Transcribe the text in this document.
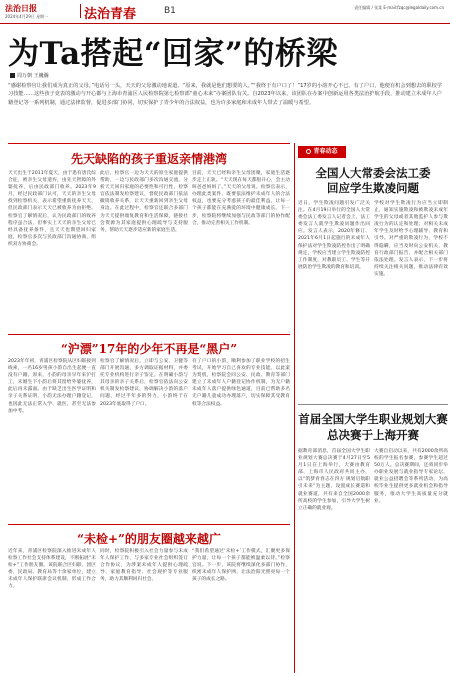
法治日报
2024年4月29日 星期一	法治青春	B1	责任编辑 / 张某 E-mail:fzqc@legaldaily.com.cn
为Ta搭起“回家”的桥梁
周万朝 王巍瀚
“感谢检察官让我们成为真正的父母。”电话另一头，天天的父母激动地说道。“原来，我就是他们想要的人。”“我终于有户口了！”17岁的小韵开心不已。有了户口，他便有机会到想去的职校学习技能……这些孩子竟表的激动与开心都与上海市青浦区人民检察院第七检察部“童心未来”办案团队有关。自2023年以来，该团队在办案中创新运用各类法治护航手段，推动建立未成年人户籍登记等一系列机制，通过法律监督，促进多部门协同，切实保护了青少年的合法权益，也为许多家庭和未成年人带去了温暖与希望。
先天缺陷的孩子重返亲情港湾
天天出生于2011年夏天，由于患有唐氏综合征，被亲生父母遗弃，由先天智障的外婆抚养，后由民政部门收养。2023年9月，经过民政部门认可，天天的亲生父母找到检察机关，表示希望重新抚养天天，但民政部门表示天天已被收养为由拒绝。检察官了解情况后，认为民政部门的收养程序虽合法，但事实上天天的亲生父母已经具备抚养条件，且天天也期望回归家庭，检察官多次与民政部门沟通协商，组织双方协商会。
此后，检察官一边为天天的原生家庭提供帮助，一边与民政部门多次沟通交流，分析天天回归家庭的必要性和可行性，检察官依法制发检察建议，督促民政部门依法撤销收养关系，让天天重新回到亲生父母身边。在此过程中，检察官还联合多部门为天天提供康复教育和生活保障，链接社会资源为其家庭提供心理疏导与支持服务，帮助天天逐步适应新的家庭生活。
目前，天天已经和亲生父母团聚，家庭生活逐步走上正轨。“天天现在每天都很开心，会主动叫爸爸妈妈了。”天天的父母说。检察官表示，办理此类案件，既要依法维护未成年人的合法权益，也要充分考虑孩子的最佳利益，让每一个孩子都能在充满爱的环境中健康成长。下一步，检察院将继续加强与民政等部门的协作配合，推动完善相关工作机制。
“沪漂”17年的少年不再是“黑户”
2023年年初，青浦区检察院从区妇联接到线索，一名16岁男孩小韵自出生起便一直没有户籍。原来，小韵的母亲早年来沪打工，未婚生下小韵后将其留给外婆抚养，此后再未露面。由于缺乏出生医学证明和亲子关系证明，小韵无法办理户籍登记，也因此无法正常入学、就医，甚至无法参加中考。
检察官了解情况后，立即与公安、卫健等部门开展沟通，多方调取证据材料，并委托专业机构进行亲子鉴定。在明确小韵与其母亲的亲子关系后，检察官依法向公安机关制发检察建议，协调解决小韵的落户问题，经过半年多的努力，小韵终于在2023年底取得了户口。
有了户口的小韵，顺利参加了职业学校的招生考试，开始学习自己喜欢的专业技能。以此案为契机，检察院会同公安、民政、教育等部门建立了未成年人户籍登记协作机制，为无户籍未成年人落户提供绿色通道，目前已帮助多名无户籍儿童成功办理落户，切实保障其受教育权等合法权益。
“未检+”的朋友圈越来越广
近年来，青浦区检察院深入推进未成年人检察工作社会支持体系建设，不断拓展“未检+”工作朋友圈。该院联合区妇联、团区委、民政局、教育局等十余家单位，建立未成年人保护联席会议机制，形成工作合力。
同时，检察院积极引入社会力量参与未成年人保护工作，与多家专业社会组织签订合作协议，为涉案未成年人提供心理疏导、家庭教育指导、社会观护等专业服务，助力其顺利回归社会。
“我们希望通过‘未检+’工作模式，汇聚更多保护力量，让每一个孩子都能被温柔以待。”检察官说。下一步，该院将继续深化多部门协作，织密未成年人保护网，让法治阳光照亮每一个孩子的成长之路。
青春动态
全国人大常委会法工委
回应学生欺凌问题
近日，学生欺凌问题引发广泛关注。在4月19日举行的全国人大常委会法工委发言人记者会上，法工委发言人就学生欺凌问题作出回应。发言人表示，2020年修订、2021年6月1日起施行的未成年人保护法对学生欺凌防控作出了明确规定，学校应当建立学生欺凌防控工作制度，对教职员工、学生等开展防治学生欺凌的教育和培训。
学校对学生欺凌行为应当立即制止，通知实施欺凌和被欺凌未成年学生的父母或者其他监护人参与欺凌行为的认定和处理；对相关未成年学生及时给予心理辅导、教育和引导。对严重的欺凌行为，学校不得隐瞒，应当及时向公安机关、教育行政部门报告，并配合相关部门依法处理。发言人表示，下一步将持续关注相关问题，推动法律有效实施。
首届全国大学生职业规划大赛
总决赛于上海开赛
据教育部消息，首届全国大学生职业规划大赛总决赛于4月27日至5月1日在上海举行，大赛由教育部、上海市人民政府共同主办，以“筑梦青春志在四方 规划启航职引未来”为主题，设置成长赛道和就业赛道，共有来自全国2000余所高校的学生参加，引导大学生树立正确的就业观。
大赛自启动以来，共有2000余所高校的学生报名参赛，参赛学生超过50万人。总决赛期间，还将同步举办职业发展与就业指导专家论坛、就业公益招聘会等系列活动，为高校毕业生提供更多就业机会和指导服务，推动大学生高质量充分就业。
